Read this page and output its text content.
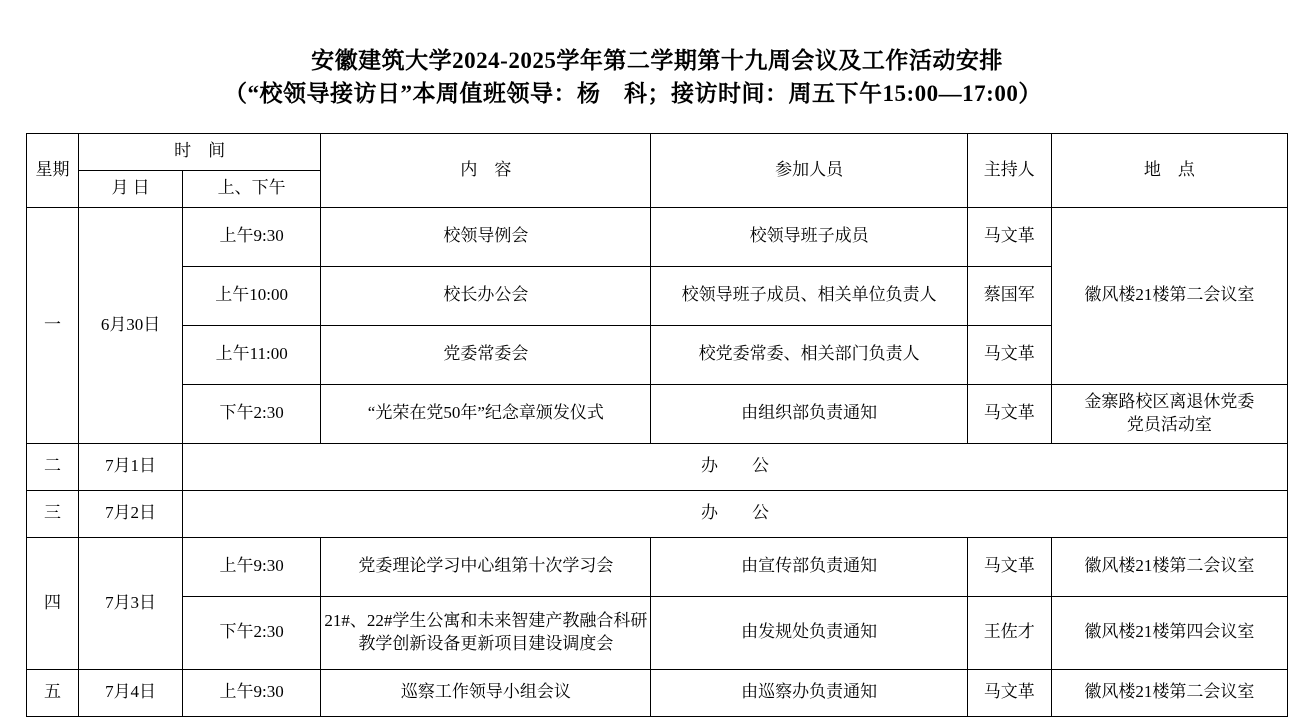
安徽建筑大学2024-2025学年第二学期第十九周会议及工作活动安排
（“校领导接访日”本周值班领导：杨　科；接访时间：周五下午15:00—17:00）
星期	时　间		内　容	参加人员	主持人	地　点
	月 日	上、下午				
一	6月30日	上午9:30	校领导例会	校领导班子成员	马文革	徽风楼21楼第二会议室
		上午10:00	校长办公会	校领导班子成员、相关单位负责人	蔡国军	
		上午11:00	党委常委会	校党委常委、相关部门负责人	马文革	
		下午2:30	“光荣在党50年”纪念章颁发仪式	由组织部负责通知	马文革	金寨路校区离退休党委
党员活动室
二	7月1日	办　　公				
三	7月2日	办　　公				
四	7月3日	上午9:30	党委理论学习中心组第十次学习会	由宣传部负责通知	马文革	徽风楼21楼第二会议室
		下午2:30	21#、22#学生公寓和未来智建产教融合科研教学创新设备更新项目建设调度会	由发规处负责通知	王佐才	徽风楼21楼第四会议室
五	7月4日	上午9:30	巡察工作领导小组会议	由巡察办负责通知	马文革	徽风楼21楼第二会议室
